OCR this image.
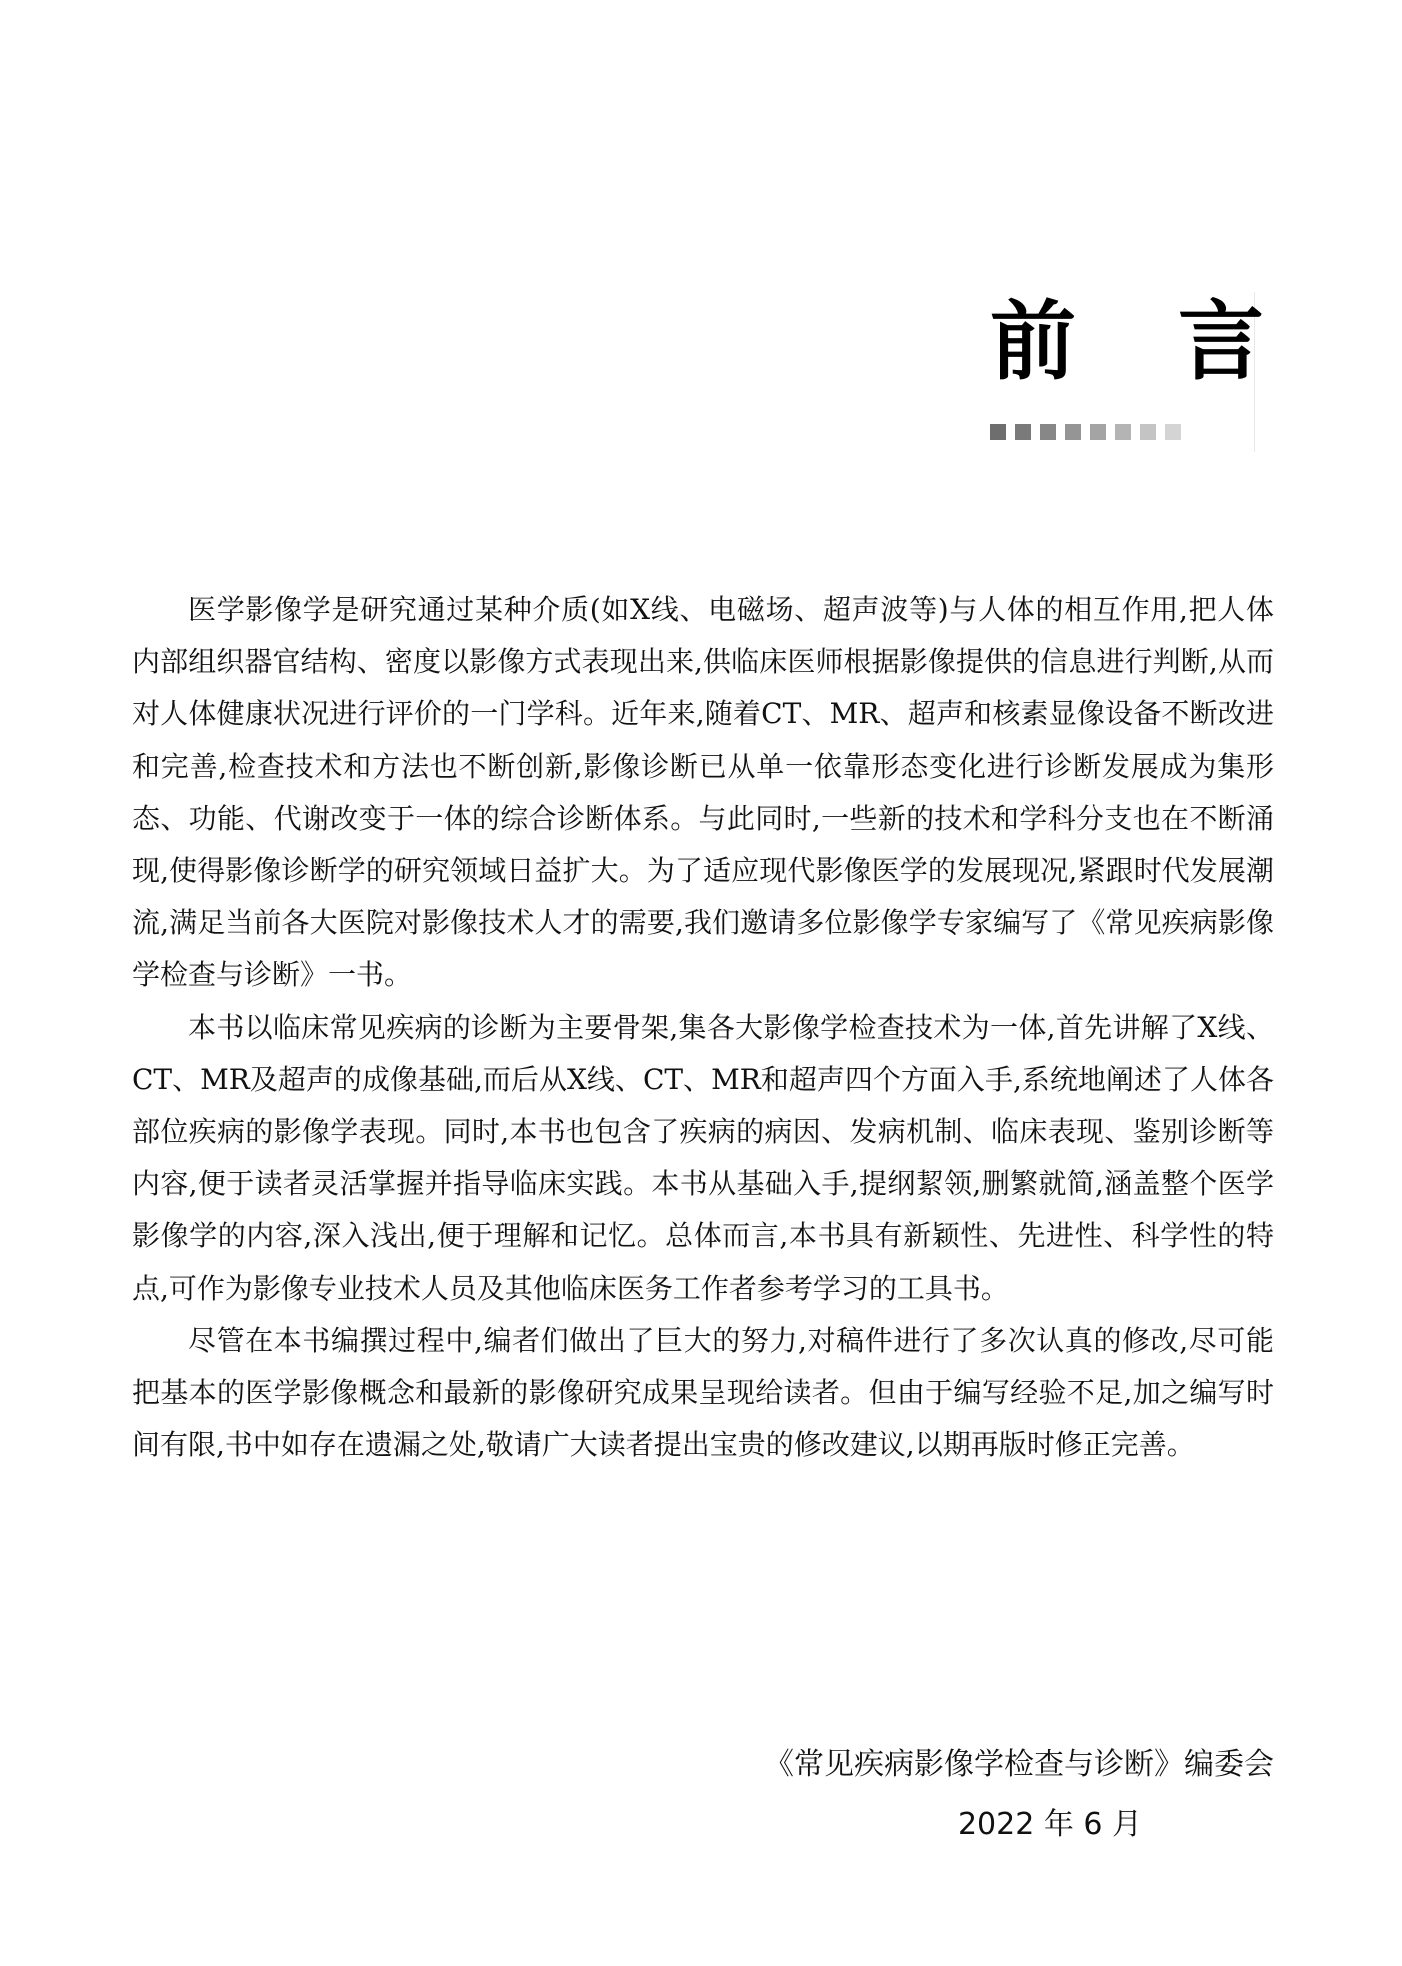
前 言

医学影像学是研究通过某种介质(如X线、电磁场、超声波等)与人体的相互作用,把人体内部组织器官结构、密度以影像方式表现出来,供临床医师根据影像提供的信息进行判断,从而对人体健康状况进行评价的一门学科。近年来,随着CT、MR、超声和核素显像设备不断改进和完善,检查技术和方法也不断创新,影像诊断已从单一依靠形态变化进行诊断发展成为集形态、功能、代谢改变于一体的综合诊断体系。与此同时,一些新的技术和学科分支也在不断涌现,使得影像诊断学的研究领域日益扩大。为了适应现代影像医学的发展现况,紧跟时代发展潮流,满足当前各大医院对影像技术人才的需要,我们邀请多位影像学专家编写了《常见疾病影像学检查与诊断》一书。

本书以临床常见疾病的诊断为主要骨架,集各大影像学检查技术为一体,首先讲解了X线、CT、MR及超声的成像基础,而后从X线、CT、MR和超声四个方面入手,系统地阐述了人体各部位疾病的影像学表现。同时,本书也包含了疾病的病因、发病机制、临床表现、鉴别诊断等内容,便于读者灵活掌握并指导临床实践。本书从基础入手,提纲絜领,删繁就简,涵盖整个医学影像学的内容,深入浅出,便于理解和记忆。总体而言,本书具有新颖性、先进性、科学性的特点,可作为影像专业技术人员及其他临床医务工作者参考学习的工具书。

尽管在本书编撰过程中,编者们做出了巨大的努力,对稿件进行了多次认真的修改,尽可能把基本的医学影像概念和最新的影像研究成果呈现给读者。但由于编写经验不足,加之编写时间有限,书中如存在遗漏之处,敬请广大读者提出宝贵的修改建议,以期再版时修正完善。

《常见疾病影像学检查与诊断》编委会
2022 年 6 月
